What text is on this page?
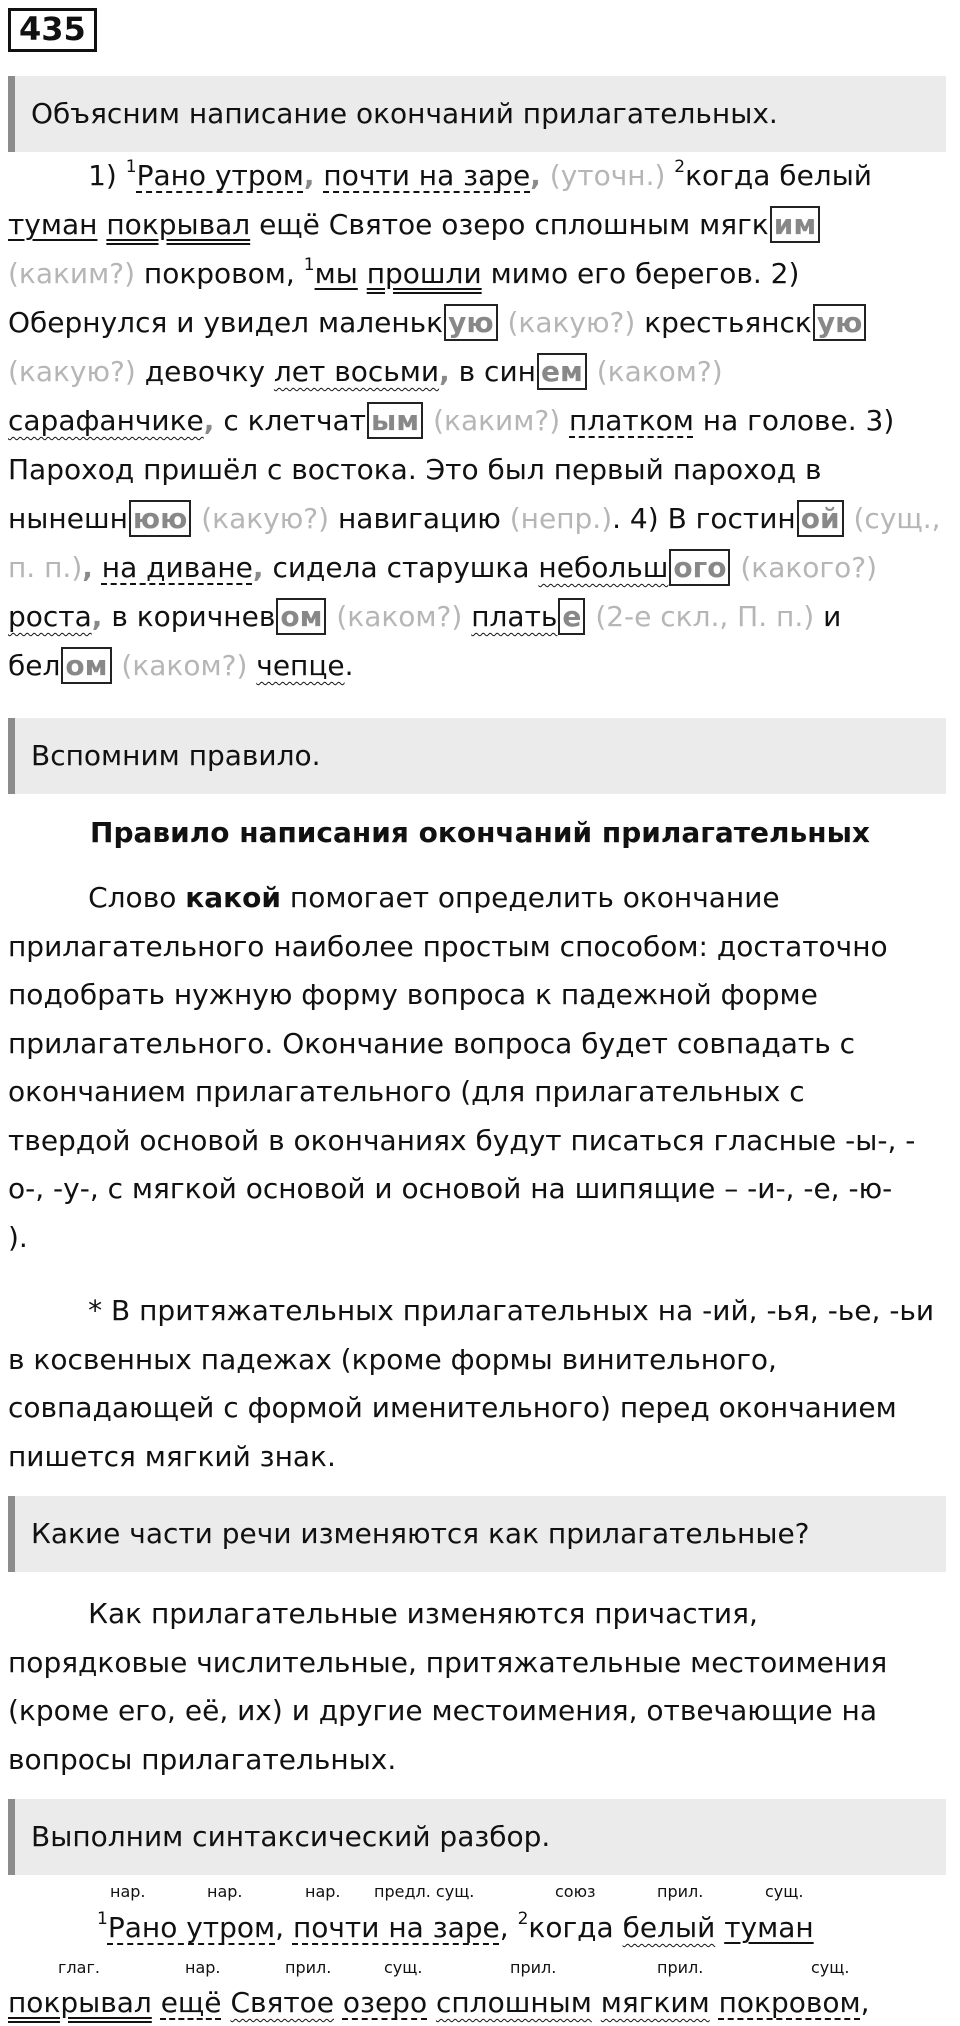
435
Объясним написание окончаний прилагательных.
1) $^1$Рано утром, почти на заре, (уточн.) $^2$когда белый
туман покрывал ещё Святое озеро сплошным мягк им
(каким?) покровом, $^1$мы прошли мимо его берегов. 2)
Обернулся и увидел маленьк ую (какую?) крестьянск ую
(какую?) девочку лет восьми, в син ем (каком?)
сарафанчике, с клетчат ым (каким?) платком на голове. 3)
Пароход пришёл с востока. Это был первый пароход в
нынешн юю (какую?) навигацию (непр.). 4) В гостин ой (сущ.,
п. п.), на диване, сидела старушка небольш ого (какого?)
роста, в коричнев ом (каком?) плать е (2-е скл., П. п.) и
бел ом (каком?) чепце.
Вспомним правило.
Правило написания окончаний прилагательных
Слово какой помогает определить окончание
прилагательного наиболее простым способом: достаточно
подобрать нужную форму вопроса к падежной форме
прилагательного. Окончание вопроса будет совпадать с
окончанием прилагательного (для прилагательных с
твердой основой в окончаниях будут писаться гласные -ы-, -
о-, -у-, с мягкой основой и основой на шипящие – -и-, -е, -ю-
).
* В притяжательных прилагательных на -ий, -ья, -ье, -ьи
в косвенных падежах (кроме формы винительного,
совпадающей с формой именительного) перед окончанием
пишется мягкий знак.
Какие части речи изменяются как прилагательные?
Как прилагательные изменяются причастия,
порядковые числительные, притяжательные местоимения
(кроме его, её, их) и другие местоимения, отвечающие на
вопросы прилагательных.
Выполним синтаксический разбор.
нар.	нар.	нар. предл. сущ.	союз	прил.	сущ.
$^1$Рано утром, почти на заре, $^2$когда белый туман
глаг.	нар.	прил.	сущ.	прил.	прил.	сущ.
покрывал ещё Святое озеро сплошным мягким покровом,
